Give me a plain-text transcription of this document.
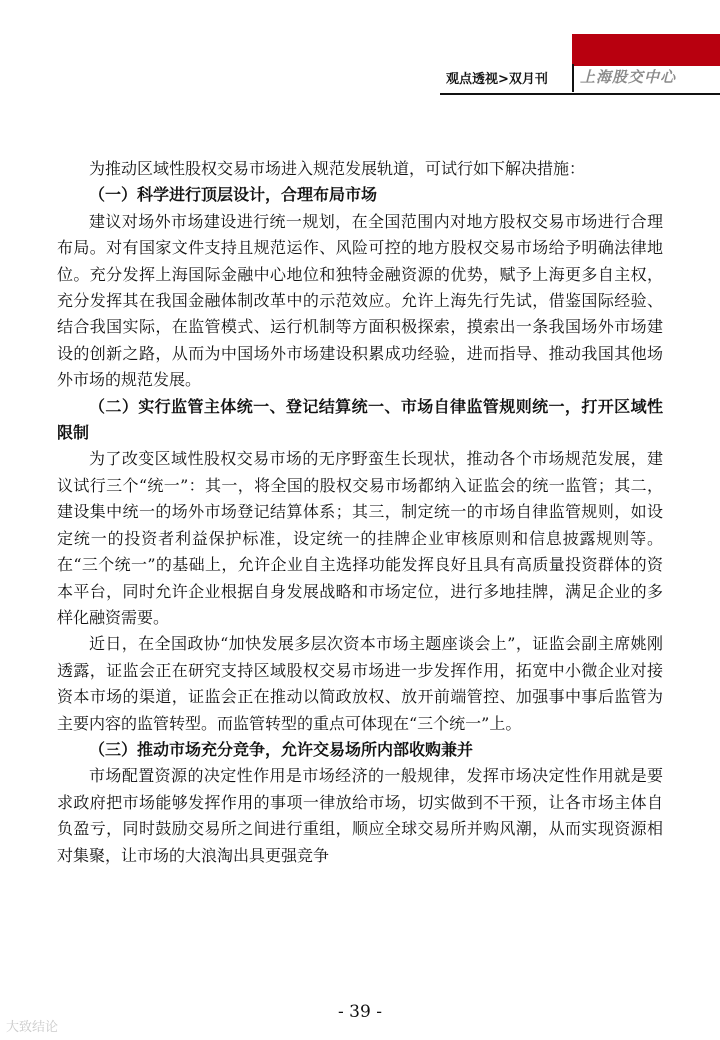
观点透视>双月刊 上海股交中心

为推动区域性股权交易市场进入规范发展轨道，可试行如下解决措施：

（一）科学进行顶层设计，合理布局市场

建议对场外市场建设进行统一规划，在全国范围内对地方股权交易市场进行合理布局。对有国家文件支持且规范运作、风险可控的地方股权交易市场给予明确法律地位。充分发挥上海国际金融中心地位和独特金融资源的优势，赋予上海更多自主权，充分发挥其在我国金融体制改革中的示范效应。允许上海先行先试，借鉴国际经验、结合我国实际，在监管模式、运行机制等方面积极探索，摸索出一条我国场外市场建设的创新之路，从而为中国场外市场建设积累成功经验，进而指导、推动我国其他场外市场的规范发展。

（二）实行监管主体统一、登记结算统一、市场自律监管规则统一，打开区域性限制

为了改变区域性股权交易市场的无序野蛮生长现状，推动各个市场规范发展，建议试行三个“统一”：其一，将全国的股权交易市场都纳入证监会的统一监管；其二，建设集中统一的场外市场登记结算体系；其三，制定统一的市场自律监管规则，如设定统一的投资者利益保护标准，设定统一的挂牌企业审核原则和信息披露规则等。 在“三个统一”的基础上，允许企业自主选择功能发挥良好且具有高质量投资群体的资本平台，同时允许企业根据自身发展战略和市场定位，进行多地挂牌，满足企业的多样化融资需要。

近日，在全国政协“加快发展多层次资本市场主题座谈会上”，证监会副主席姚刚透露，证监会正在研究支持区域股权交易市场进一步发挥作用，拓宽中小微企业对接资本市场的渠道，证监会正在推动以简政放权、放开前端管控、加强事中事后监管为主要内容的监管转型。而监管转型的重点可体现在“三个统一”上。

（三）推动市场充分竞争，允许交易场所内部收购兼并

市场配置资源的决定性作用是市场经济的一般规律，发挥市场决定性作用就是要求政府把市场能够发挥作用的事项一律放给市场，切实做到不干预，让各市场主体自负盈亏，同时鼓励交易所之间进行重组，顺应全球交易所并购风潮，从而实现资源相对集聚，让市场的大浪淘出具更强竞争

- 39 -
大致结论
